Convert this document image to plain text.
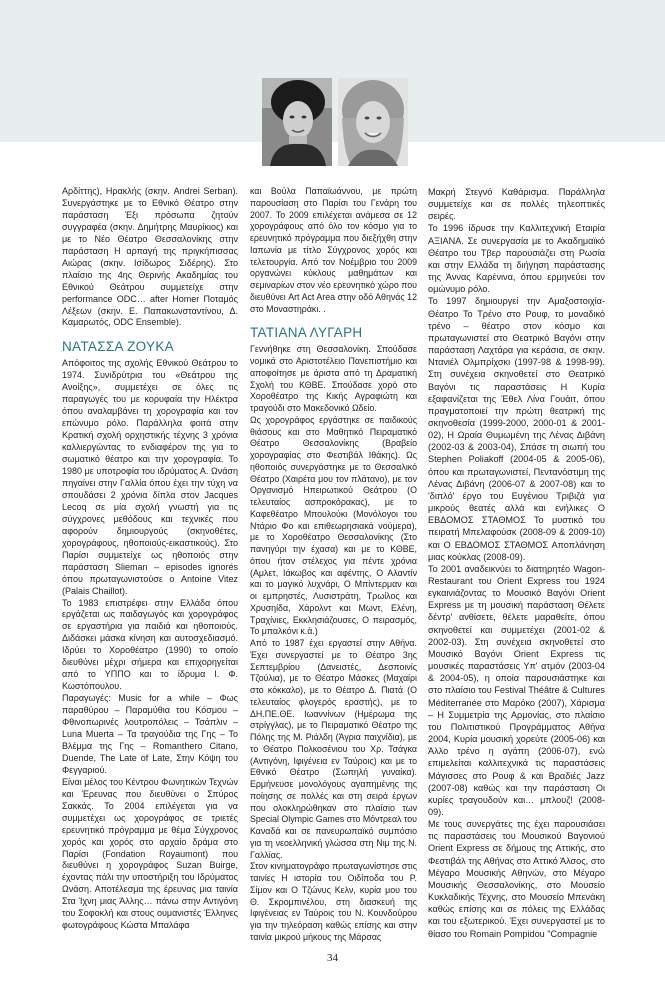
Αρδίττης), Ηρακλής (σκην. Andrei Serban). Συνεργάστηκε με το Εθνικό Θέατρο στην παράσταση Έξι πρόσωπα ζητούν συγγραφέα (σκην. Δημήτρης Μαυρίκιος) και με το Νέο Θέατρο Θεσσαλονίκης στην παράσταση Η αρπαγή της πριγκήπισσας Αιώρας (σκην. Ισίδωρος Σιδέρης). Στο πλαίσιο της 4ης Θερινής Ακαδημίας του Εθνικού Θεάτρου συμμετείχε στην performance ODC… after Homer Ποταμός Λέξεων (σκην. Ε. Παπακωνσταντίνου, Δ. Καμαρωτός, ODC Ensemble).

ΝΑΤΑΣΣΑ ΖΟΥΚΑ

Απόφοιτος της σχολής Εθνικού Θεάτρου το 1974. Συνιδρύτρια του «Θεάτρου της Ανοίξης», συμμετέχει σε όλες τις παραγωγές του με κορυφαία την Ηλέκτρα όπου αναλαμβάνει τη χορογραφία και τον επώνυμο ρόλο. Παράλληλα φοιτά στην Κρατική σχολή ορχηστικής τέχνης 3 χρόνια καλλιεργώντας το ενδιαφέρον της για το σωματικό θέατρο και την χορογραφία. Το 1980 με υποτροφία του ιδρύματος Α. Ωνάση πηγαίνει στην Γαλλία όπου έχει την τύχη να σπουδάσει 2 χρόνια δίπλα στον Jacques Lecoq σε μία σχολή γνωστή για τις σύγχρονες μεθόδους και τεχνικές που αφορούν δημιουργούς (σκηνοθέτες, χορογράφους, ηθοποιούς-εικαστικούς). Στο Παρίσι συμμετείχε ως ηθοποιός στην παράσταση Slieman – episodes ignorés όπου πρωταγωνιστούσε ο Antoine Vitez (Palais Chaillot).

Το 1983 επιστρέφει στην Ελλάδα όπου εργάζεται ως παιδαγωγός και χορογράφος σε εργαστήρια για παιδιά και ηθοποιούς. Διδάσκει μάσκα κίνηση και αυτοσχεδιασμό. Ιδρύει το Χοροθέατρο (1990) το οποίο διευθύνει μέχρι σήμερα και επιχορηγείται από το ΥΠΠΟ και το ίδρυμα Ι. Φ. Κωστόπουλου.

Παραγωγές: Music for a while – Φως παραθύρου – Παραμύθια του Κόσμου – Φθινοπωρινές λουτροπόλεις – Τσάπλιν – Luna Muerta – Τα τραγούδια της Γης – Το Βλέμμα της Γης – Romanthero Citano, Duende, The Late of Late, Στην Κόψη του Φεγγαριού.

Είναι μέλος του Κέντρου Φωνητικών Τεχνών και Έρευνας που διευθύνει ο Σπύρος Σακκάς. Το 2004 επιλέγεται για να συμμετέχει ως χορογράφος σε τριετές ερευνητικό πρόγραμμα με θέμα Σύγχρονος χορός και χορός στο αρχαίο δράμα στο Παρίσι (Fondation Royaumont) που διευθύνει η χορογράφος Suzan Buirge, έχοντας πάλι την υποστήριξη του Ιδρύματος Ωνάση. Αποτέλεσμα της έρευνας μια ταινία Στα Ίχνη μιας Άλλης… πάνω στην Αντιγόνη του Σοφοκλή και στους ουμανιστές Έλληνες φωτογράφους Κώστα Μπαλάφα

και Βούλα Παπαϊωάννου, με πρώτη παρουσίαση στο Παρίσι του Γενάρη του 2007. Το 2009 επιλέχεται ανάμεσα σε 12 χορογράφους από όλο τον κόσμο για το ερευνητικό πρόγραμμα που διεξήχθη στην Ιαπωνία με τίτλο Σύγχρονος χορός και τελετουργία. Από τον Νοέμβριο του 2009 οργανώνει κύκλους μαθημάτων και σεμιναρίων στον νέο ερευνητικό χώρο που διευθύνει Art Act Area στην οδό Αθηνάς 12 στο Μοναστηράκι. .

ΤΑΤΙΑΝΑ ΛΥΓΑΡΗ

Γεννήθηκε στη Θεσσαλονίκη. Σπούδασε νομικά στο Αριστοτέλειο Πανεπιστήμιο και αποφοίτησε με άριστα από τη Δραματική Σχολή του ΚΘΒΕ. Σπούδασε χορό στο Χοροθέατρο της Κικής Αγραφιώτη και τραγούδι στο Μακεδονικό Ωδείο.

Ως χορογράφος εργάστηκε σε παιδικούς θιάσους και στο Μαθητικό Πειραματικό Θέατρο Θεσσαλονίκης (Βραβείο χορογραφίας στο Φεστιβάλ Ιθάκης). Ως ηθοποιός συνεργάστηκε με το Θεσσαλικό Θέατρο (Χαιρέτα μου τον πλάτανο), με τον Οργανισμό Ηπειρωτικού Θεάτρου (Ο τελευταίος ασπροκόρακας), με το Καφεθέατρο Μπουλούκι (Μονόλογοι του Ντάριο Φο και επιθεωρησιακά νούμερα), με το Χοροθέατρο Θεσσαλονίκης (Στο πανηγύρι την έχασα) και με το ΚΘΒΕ, όπου ήταν στέλεχος για πέντε χρόνια (Αμλετ, Ιάκωβος και αφέντης, Ο Αλαντίν και το μαγικό λυχνάρι, Ο Μπίντερμαν και οι εμπρηστές, Λυσιστράτη, Τρωίλος και Χρυσηίδα, Χάρολντ και Μωντ, Ελένη, Τραχίνιες, Εκκλησιάζουσες, Ο πειρασμός, Το μπαλκόνι κ.ά.)

Από το 1987 έχει εργαστεί στην Αθήνα. Έχει συνεργαστεί με το Θέατρο 3ης Σεπτεμβρίου (Δανειστές, Δεσποινίς Τζούλια), με το Θέατρο Μάσκες (Μαχαίρι στο κόκκαλο), με το Θέατρο Δ. Πιατά (Ο τελευταίος φλογερός εραστής), με το ΔΗ.ΠΕ.ΘΕ. Ιωαννίνων (Ημέρωμα της στρίγγλας), με το Πειραματικό Θέατρο της Πόλης της Μ. Ριάλδη (Άγρια παιχνίδια), με το Θέατρο Πολκοσένιου του Χρ. Τσάγκα (Αντιγόνη, Ιφιγένεια εν Ταύροις) και με το Εθνικό Θέατρο (Σωπηλή γυναίκα). Ερμήνευσε μονολόγους αγαπημένης της ποίησης σε πολλές και στη σειρά έργων που ολοκληρώθηκαν στο πλαίσιο των Special Olympic Games στο Μόντρεαλ του Καναδά και σε πανευρωπαϊκό συμπόσιο για τη νεοελληνική γλώσσα στη Νιμ της Ν. Γαλλίας.

Στον κινηματογράφο πρωταγωνίστησε στις ταινίες Η ιστορία του Οιδίποδα του Ρ. Σίμον και Ο Τζώνυς Κελν, κυρία μου του Θ. Σκρομπινέλου, στη διασκευή της Ιφιγένειας εν Ταύροις του Ν. Κουνδούρου για την τηλεόραση καθώς επίσης και στην ταινία μικρού μήκους της Μάρσας

Μακρή Στεγνό Καθάρισμα. Παράλληλα συμμετείχε και σε πολλές τηλεοπτικές σειρές.

Το 1996 ίδρυσε την Καλλιτεχνική Εταιρία ΑΞΙΑΝΑ. Σε συνεργασία με το Ακαδημαϊκό Θέατρο του Τβερ παρουσιάζει στη Ρωσία και στην Ελλάδα τη διήγηση παράστασης της Άννας Καρένινα, όπου ερμηνεύει τον ομώνυμο ρόλο.

Το 1997 δημιουργεί την Αμαξοστοιχία-Θέατρο Το Τρένο στο Ρουφ, το μοναδικό τρένο – θέατρο στον κόσμο και πρωταγωνιστεί στο Θεατρικό Βαγόνι στην παράσταση Λαχτάρα για κεράσια, σε σκην. Ντανιέλ Ολμπρίχσκι (1997-98 & 1998-99). Στη συνέχεια σκηνοθετεί στο Θεατρικό Βαγόνι τις παραστάσεις Η Κυρία εξαφανίζεται της Έθελ Λίνα Γουάιτ, όπου πραγματοποιεί την πρώτη θεατρική της σκηνοθεσία (1999-2000, 2000-01 & 2001-02), Η Ωραία Θυμωμένη της Λένας Διβάνη (2002-03 & 2003-04), Σπάσε τη σιωπή του Stephen Poliakoff (2004-05 & 2005-06), όπου και πρωταγωνιστεί, Πεντανόστιμη της Λένας Διβάνη (2006-07 & 2007-08) και το 'διπλό' έργο του Ευγένιου Τριβιζά για μικρούς θεατές αλλά και ενήλικες Ο ΕΒΔΟΜΟΣ ΣΤΑΘΜΟΣ Το μυστικό του πειρατή Μπελαφούσκ (2008-09 & 2009-10) και Ο ΕΒΔΟΜΟΣ ΣΤΑΘΜΟΣ Αποπλάνηση μιας κούκλας (2008-09).

Το 2001 αναδεικνύει το διατηρητέο Wagon-Restaurant του Orient Express του 1924 εγκαινιάζοντας το Μουσικό Βαγόνι Orient Express με τη μουσική παράσταση Θέλετε δέντρ' ανθίσετε, θέλετε μαραθείτε, όπου σκηνοθετεί και συμμετέχει (2001-02 & 2002-03). Στη συνέχεια σκηνοθετεί στο Μουσικό Βαγόνι Orient Express τις μουσικές παραστάσεις Υπ' ατμόν (2003-04 & 2004-05), η οποία παρουσιάστηκε και στο πλαίσιο του Festival Théâtre & Cultures Méditerranée στο Μαρόκο (2007), Χάρισμα – Η Συμμετρία της Αρμονίας, στο πλαίσιο του Πολιτιστικού Προγράμματος Αθήνα 2004, Κυρία μουσική χορεύτε (2005-06) και Άλλο τρένο η αγάπη (2006-07), ενώ επιμελείται καλλιτεχνικά τις παραστάσεις Μάγισσες στο Ρουφ & και Βραδιές Jazz (2007-08) καθώς και την παράσταση Οι κυρίες τραγουδούν και… μπλουζ! (2008-09).

Με τους συνεργάτες της έχει παρουσιάσει τις παραστάσεις του Μουσικού Βαγονιού Orient Express σε δήμους της Αττικής, στο Φεστιβάλ της Αθήνας στο Αττικό Άλσος, στο Μέγαρο Μουσικής Αθηνών, στο Μέγαρο Μουσικής Θεσσαλονίκης, στο Μουσείο Κυκλαδικής Τέχνης, στο Μουσείο Μπενάκη καθώς επίσης και σε πόλεις της Ελλάδας και του εξωτερικού. Έχει συνεργαστεί με το θίασο του Romain Pompidou "Compagnie

34
